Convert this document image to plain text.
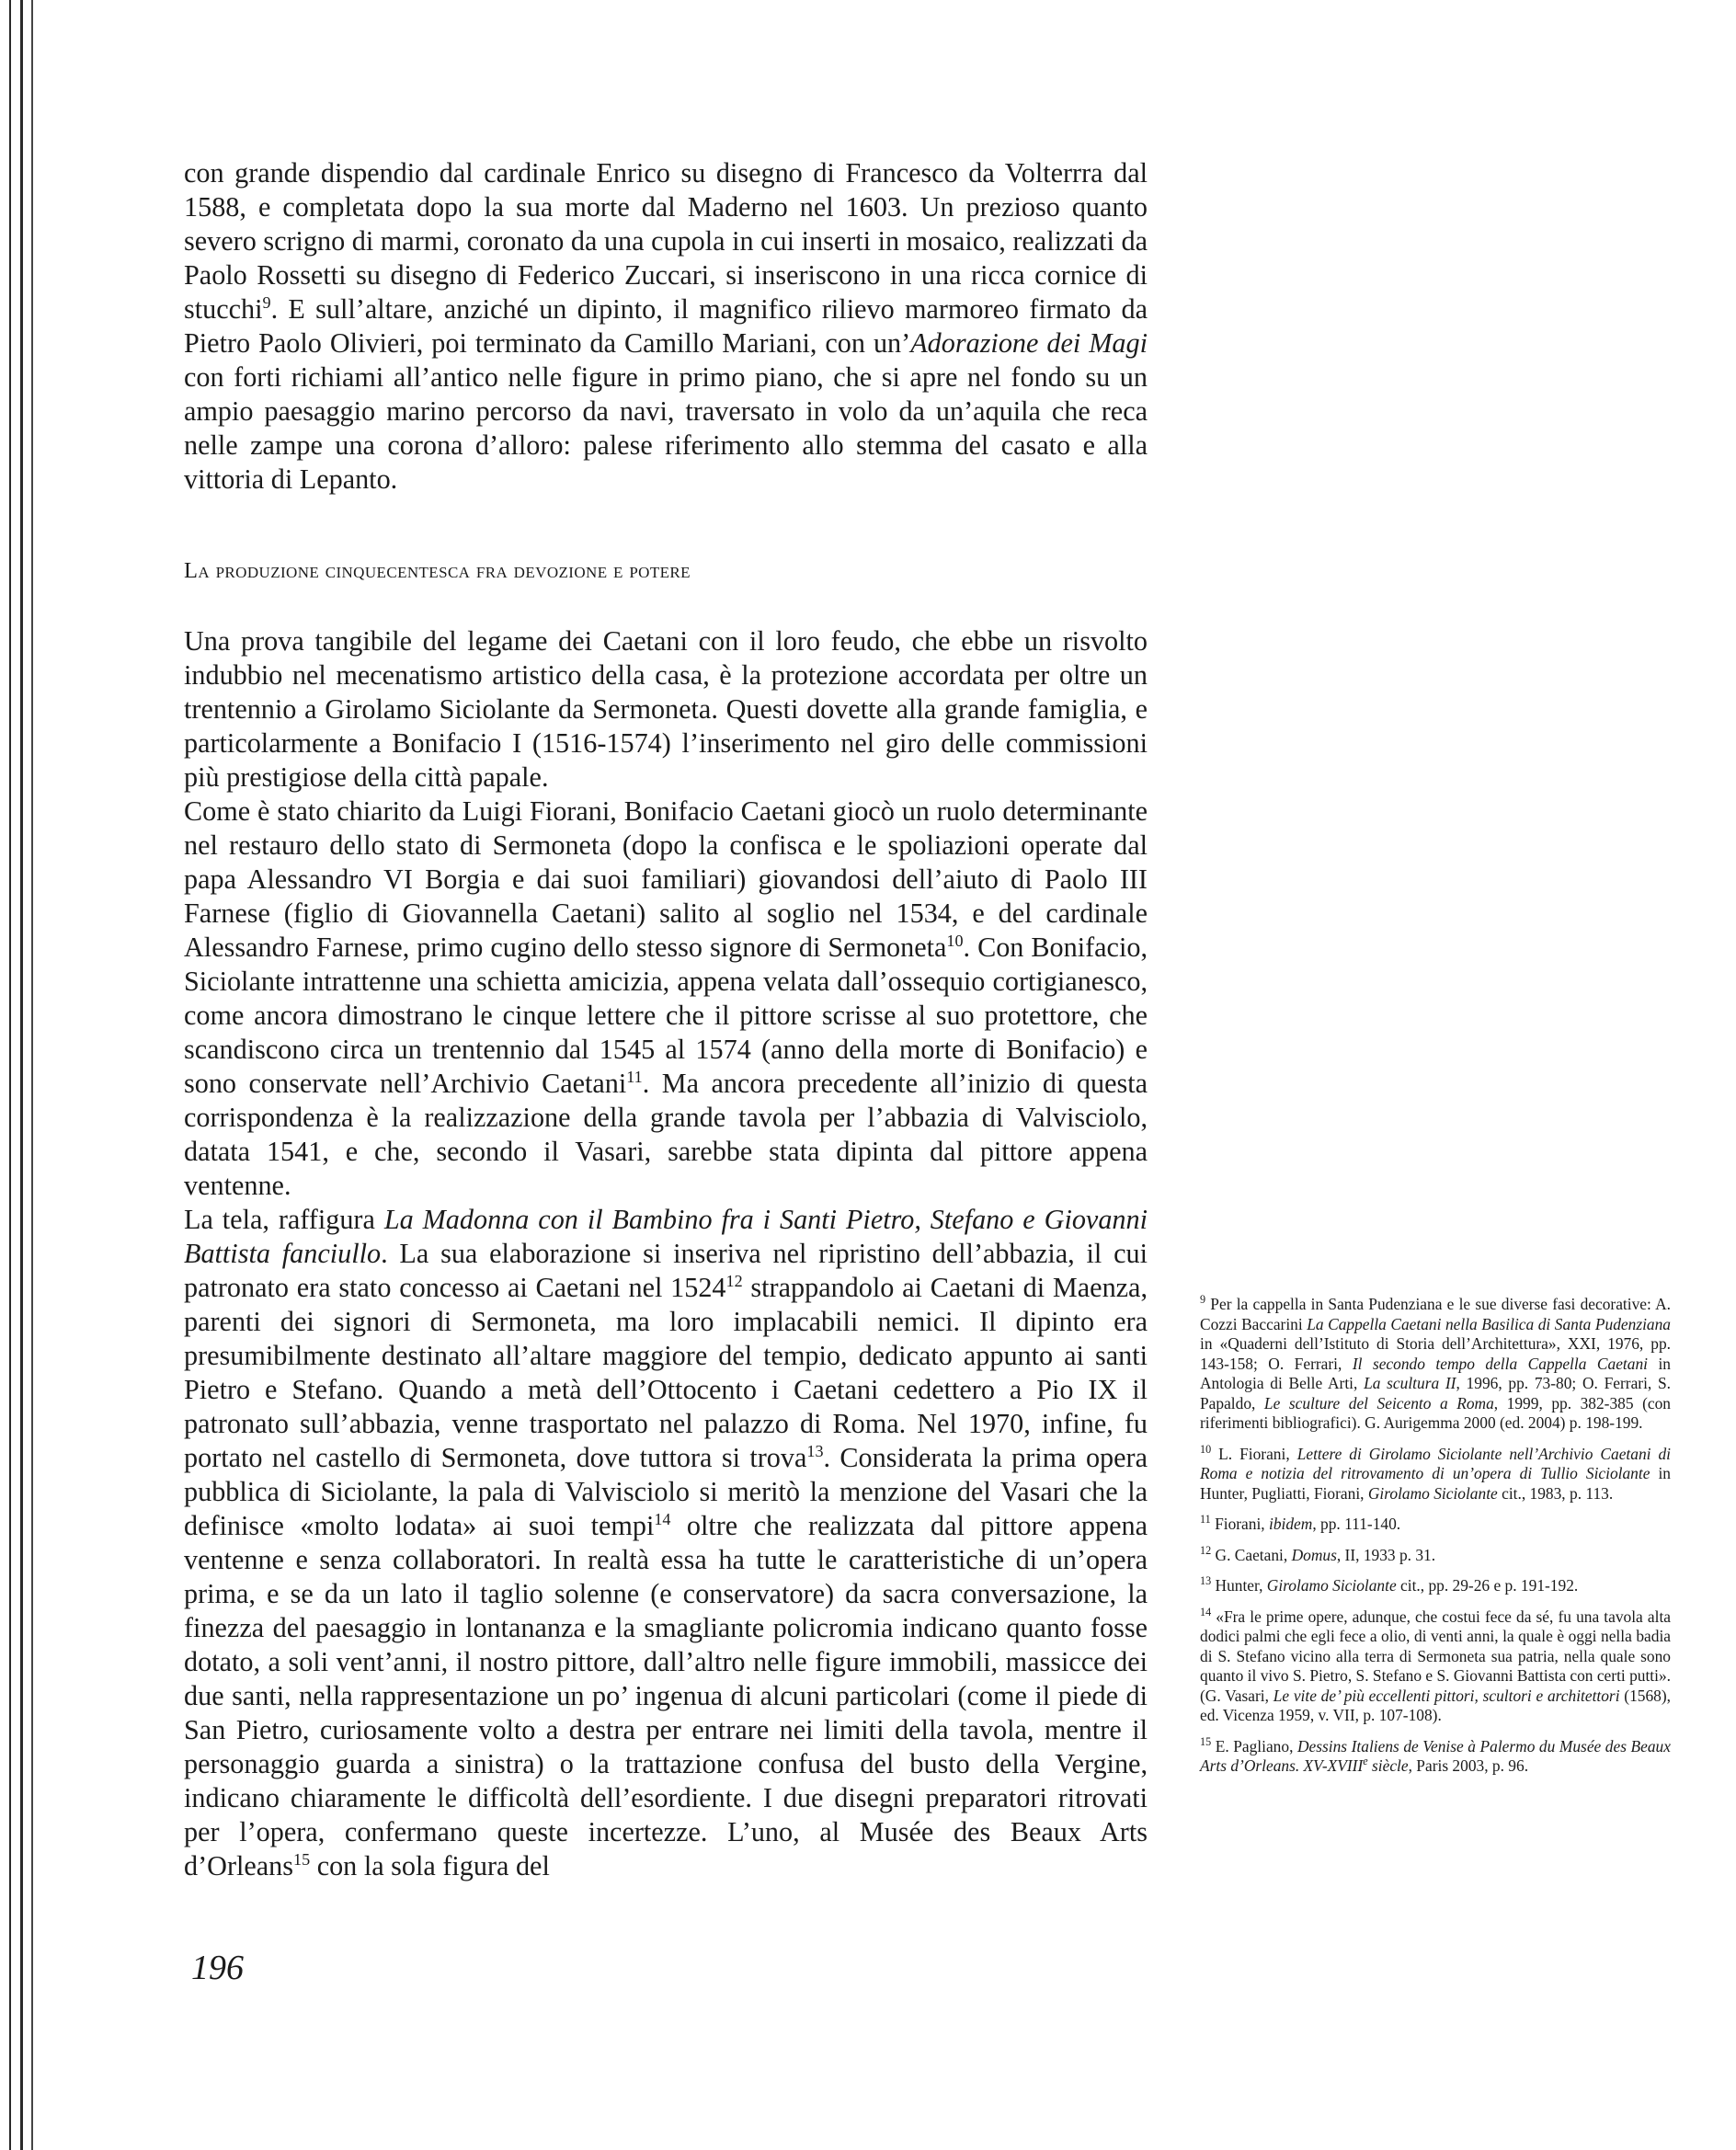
con grande dispendio dal cardinale Enrico su disegno di Francesco da Volterrra dal 1588, e completata dopo la sua morte dal Maderno nel 1603. Un prezioso quanto severo scrigno di marmi, coronato da una cupola in cui inserti in mosaico, realizzati da Paolo Rossetti su disegno di Federico Zuccari, si inseriscono in una ricca cornice di stucchi$^9$. E sull’altare, anziché un dipinto, il magnifico rilievo marmoreo firmato da Pietro Paolo Olivieri, poi terminato da Camillo Mariani, con un’Adorazione dei Magi con forti richiami all’antico nelle figure in primo piano, che si apre nel fondo su un ampio paesaggio marino percorso da navi, traversato in volo da un’aquila che reca nelle zampe una corona d’alloro: palese riferimento allo stemma del casato e alla vittoria di Lepanto.

La produzione cinquecentesca fra devozione e potere

Una prova tangibile del legame dei Caetani con il loro feudo, che ebbe un risvolto indubbio nel mecenatismo artistico della casa, è la protezione accordata per oltre un trentennio a Girolamo Siciolante da Sermoneta. Questi dovette alla grande famiglia, e particolarmente a Bonifacio I (1516-1574) l’inserimento nel giro delle commissioni più prestigiose della città papale.

Come è stato chiarito da Luigi Fiorani, Bonifacio Caetani giocò un ruolo determinante nel restauro dello stato di Sermoneta (dopo la confisca e le spoliazioni operate dal papa Alessandro VI Borgia e dai suoi familiari) giovandosi dell’aiuto di Paolo III Farnese (figlio di Giovannella Caetani) salito al soglio nel 1534, e del cardinale Alessandro Farnese, primo cugino dello stesso signore di Sermoneta$^{10}$. Con Bonifacio, Siciolante intrattenne una schietta amicizia, appena velata dall’ossequio cortigianesco, come ancora dimostrano le cinque lettere che il pittore scrisse al suo protettore, che scandiscono circa un trentennio dal 1545 al 1574 (anno della morte di Bonifacio) e sono conservate nell’Archivio Caetani$^{11}$. Ma ancora precedente all’inizio di questa corrispondenza è la realizzazione della grande tavola per l’abbazia di Valvisciolo, datata 1541, e che, secondo il Vasari, sarebbe stata dipinta dal pittore appena ventenne.

La tela, raffigura La Madonna con il Bambino fra i Santi Pietro, Stefano e Giovanni Battista fanciullo. La sua elaborazione si inseriva nel ripristino dell’abbazia, il cui patronato era stato concesso ai Caetani nel 1524$^{12}$ strappandolo ai Caetani di Maenza, parenti dei signori di Sermoneta, ma loro implacabili nemici. Il dipinto era presumibilmente destinato all’altare maggiore del tempio, dedicato appunto ai santi Pietro e Stefano. Quando a metà dell’Ottocento i Caetani cedettero a Pio IX il patronato sull’abbazia, venne trasportato nel palazzo di Roma. Nel 1970, infine, fu portato nel castello di Sermoneta, dove tuttora si trova$^{13}$. Considerata la prima opera pubblica di Siciolante, la pala di Valvisciolo si meritò la menzione del Vasari che la definisce «molto lodata» ai suoi tempi$^{14}$ oltre che realizzata dal pittore appena ventenne e senza collaboratori. In realtà essa ha tutte le caratteristiche di un’opera prima, e se da un lato il taglio solenne (e conservatore) da sacra conversazione, la finezza del paesaggio in lontananza e la smagliante policromia indicano quanto fosse dotato, a soli vent’anni, il nostro pittore, dall’altro nelle figure immobili, massicce dei due santi, nella rappresentazione un po’ ingenua di alcuni particolari (come il piede di San Pietro, curiosamente volto a destra per entrare nei limiti della tavola, mentre il personaggio guarda a sinistra) o la trattazione confusa del busto della Vergine, indicano chiaramente le difficoltà dell’esordiente. I due disegni preparatori ritrovati per l’opera, confermano queste incertezze. L’uno, al Musée des Beaux Arts d’Orleans$^{15}$ con la sola figura del

$^9$ Per la cappella in Santa Pudenziana e le sue diverse fasi decorative: A. Cozzi Baccarini La Cappella Caetani nella Basilica di Santa Pudenziana in «Quaderni dell’Istituto di Storia dell’Architettura», XXI, 1976, pp. 143-158; O. Ferrari, Il secondo tempo della Cappella Caetani in Antologia di Belle Arti, La scultura II, 1996, pp. 73-80; O. Ferrari, S. Papaldo, Le sculture del Seicento a Roma, 1999, pp. 382-385 (con riferimenti bibliografici). G. Aurigemma 2000 (ed. 2004) p. 198-199.

$^{10}$ L. Fiorani, Lettere di Girolamo Siciolante nell’Archivio Caetani di Roma e notizia del ritrovamento di un’opera di Tullio Siciolante in Hunter, Pugliatti, Fiorani, Girolamo Siciolante cit., 1983, p. 113.

$^{11}$ Fiorani, ibidem, pp. 111-140.

$^{12}$ G. Caetani, Domus, II, 1933 p. 31.

$^{13}$ Hunter, Girolamo Siciolante cit., pp. 29-26 e p. 191-192.

$^{14}$ «Fra le prime opere, adunque, che costui fece da sé, fu una tavola alta dodici palmi che egli fece a olio, di venti anni, la quale è oggi nella badia di S. Stefano vicino alla terra di Sermoneta sua patria, nella quale sono quanto il vivo S. Pietro, S. Stefano e S. Giovanni Battista con certi putti». (G. Vasari, Le vite de’ più eccellenti pittori, scultori e architettori (1568), ed. Vicenza 1959, v. VII, p. 107-108).

$^{15}$ E. Pagliano, Dessins Italiens de Venise à Palermo du Musée des Beaux Arts d’Orleans. XV-XVIIIe siècle, Paris 2003, p. 96.

196
